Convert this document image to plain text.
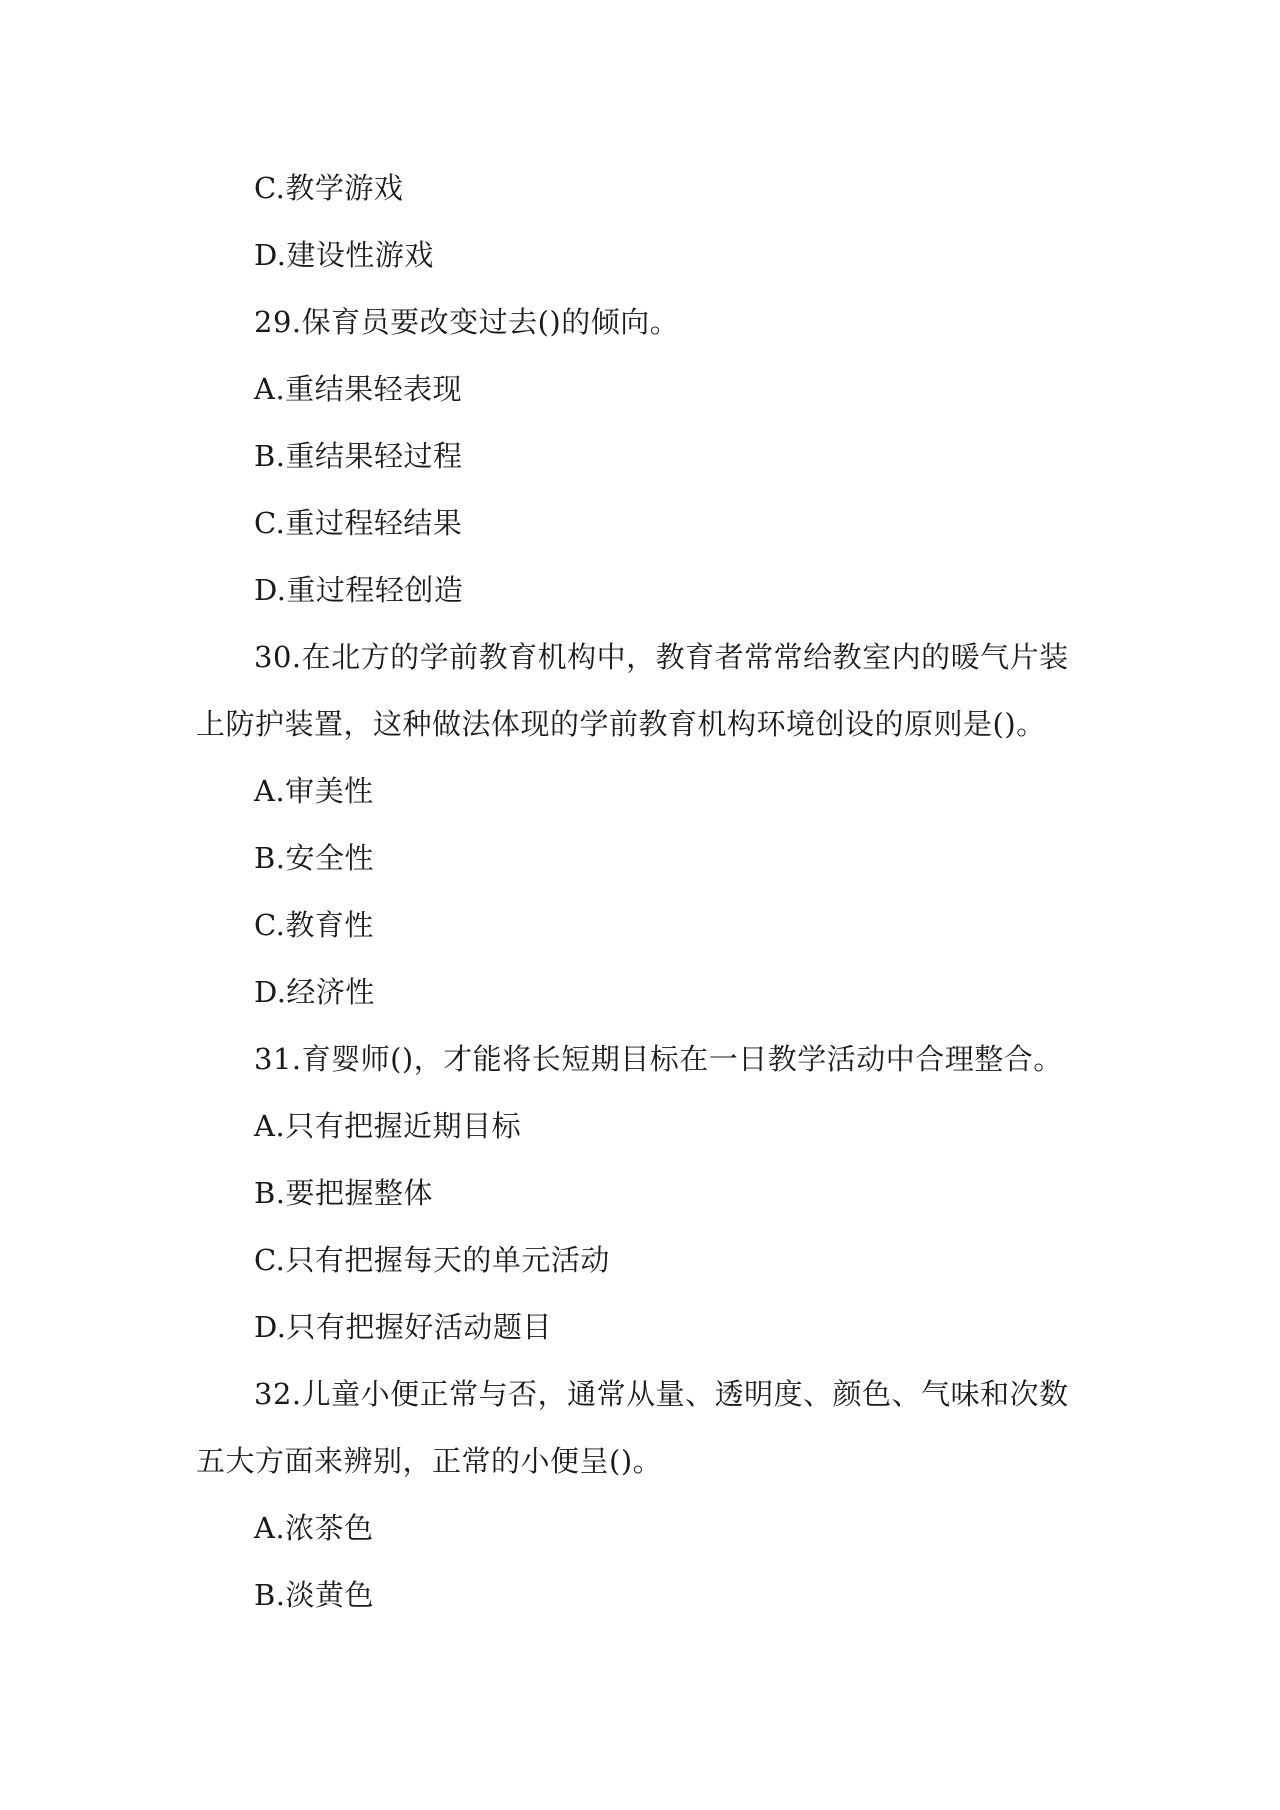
C.教学游戏
D.建设性游戏
29.保育员要改变过去()的倾向。
A.重结果轻表现
B.重结果轻过程
C.重过程轻结果
D.重过程轻创造
30.在北方的学前教育机构中，教育者常常给教室内的暖气片装
上防护装置，这种做法体现的学前教育机构环境创设的原则是()。
A.审美性
B.安全性
C.教育性
D.经济性
31.育婴师()，才能将长短期目标在一日教学活动中合理整合。
A.只有把握近期目标
B.要把握整体
C.只有把握每天的单元活动
D.只有把握好活动题目
32.儿童小便正常与否，通常从量、透明度、颜色、气味和次数
五大方面来辨别，正常的小便呈()。
A.浓茶色
B.淡黄色
